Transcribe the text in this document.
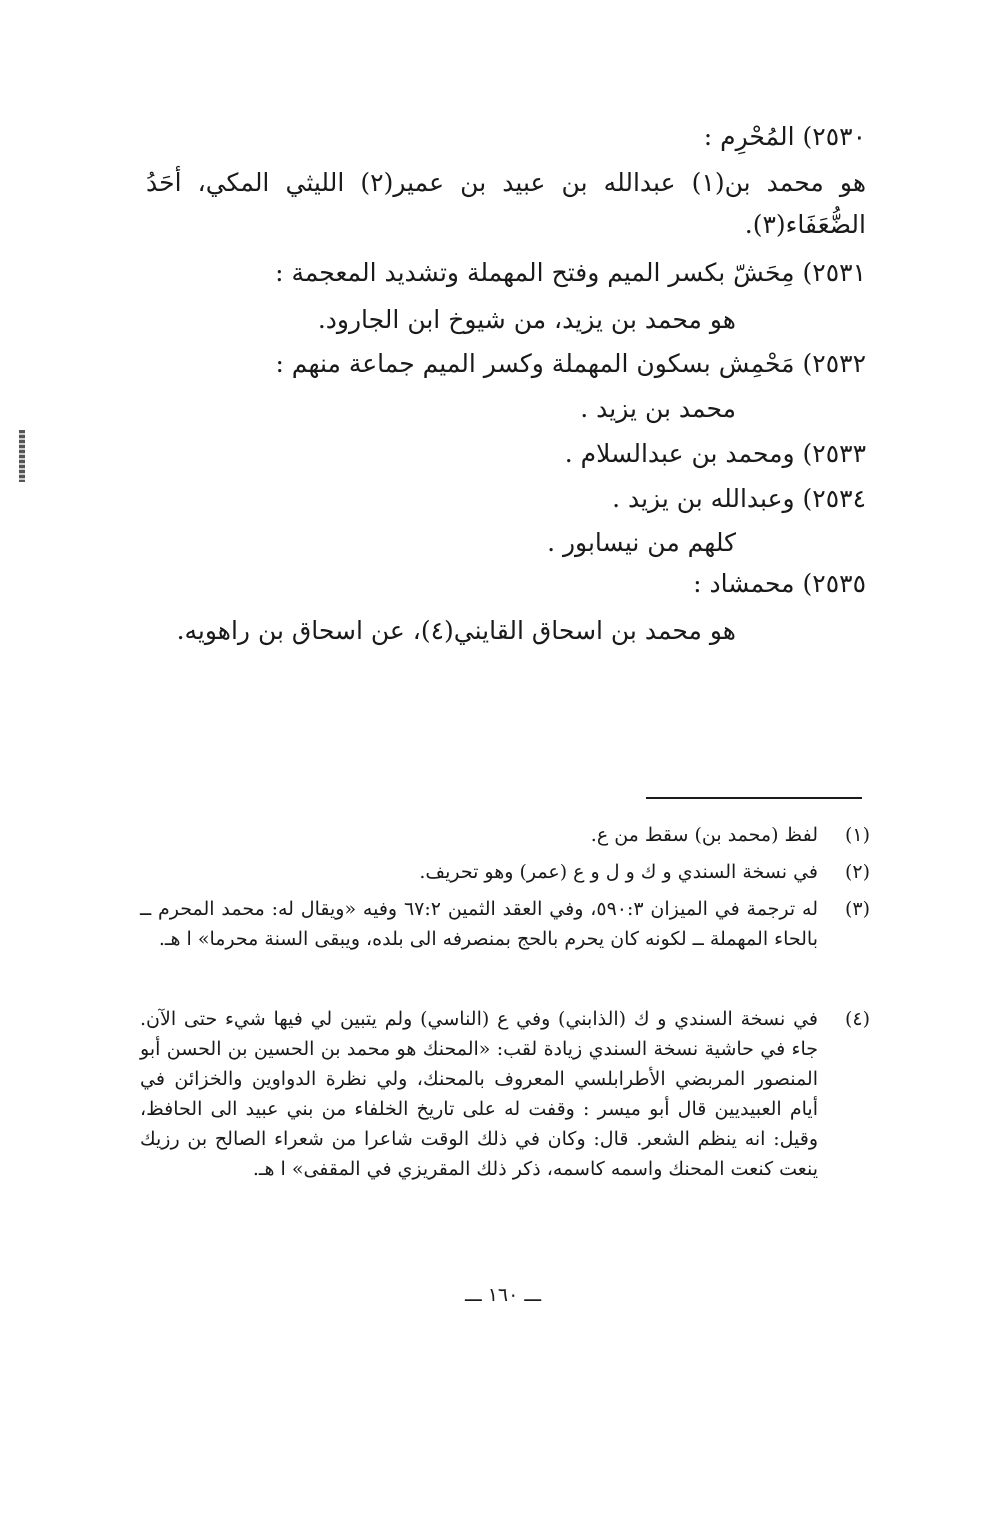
٢٥٣٠) المُحْرِم :
هو محمد بن(١) عبدالله بن عبيد بن عمير(٢) الليثي المكي، أحَدُ
الضُّعَفَاء(٣).
٢٥٣١) مِحَشّ بكسر الميم وفتح المهملة وتشديد المعجمة :
هو محمد بن يزيد، من شيوخ ابن الجارود.
٢٥٣٢) مَحْمِش بسكون المهملة وكسر الميم جماعة منهم :
محمد بن يزيد .
٢٥٣٣) ومحمد بن عبدالسلام .
٢٥٣٤) وعبدالله بن يزيد .
كلهم من نيسابور .
٢٥٣٥) محمشاد :
هو محمد بن اسحاق القايني(٤)، عن اسحاق بن راهويه.
(١)
لفظ (محمد بن) سقط من ع.
(٢)
في نسخة السندي و ك و ل و ع (عمر) وهو تحريف.
(٣)
له ترجمة في الميزان ٥٩٠:٣، وفي العقد الثمين ٦٧:٢ وفيه «ويقال له: محمد المحرم ــ بالحاء المهملة ــ لكونه كان يحرم بالحج بمنصرفه الى بلده، ويبقى السنة محرما» ا هـ.
(٤)
في نسخة السندي و ك (الذابني) وفي ع (الناسي) ولم يتبين لي فيها شيء حتى الآن. جاء في حاشية نسخة السندي زيادة لقب: «المحنك هو محمد بن الحسين بن الحسن أبو المنصور المربضي الأطرابلسي المعروف بالمحنك، ولي نظرة الدواوين والخزائن في أيام العبيديين قال أبو ميسر : وقفت له على تاريخ الخلفاء من بني عبيد الى الحافظ، وقيل: انه ينظم الشعر. قال: وكان في ذلك الوقت شاعرا من شعراء الصالح بن رزيك ينعت كنعت المحنك واسمه كاسمه، ذكر ذلك المقريزي في المقفى» ا هـ.
ـــ ١٦٠ ـــ
